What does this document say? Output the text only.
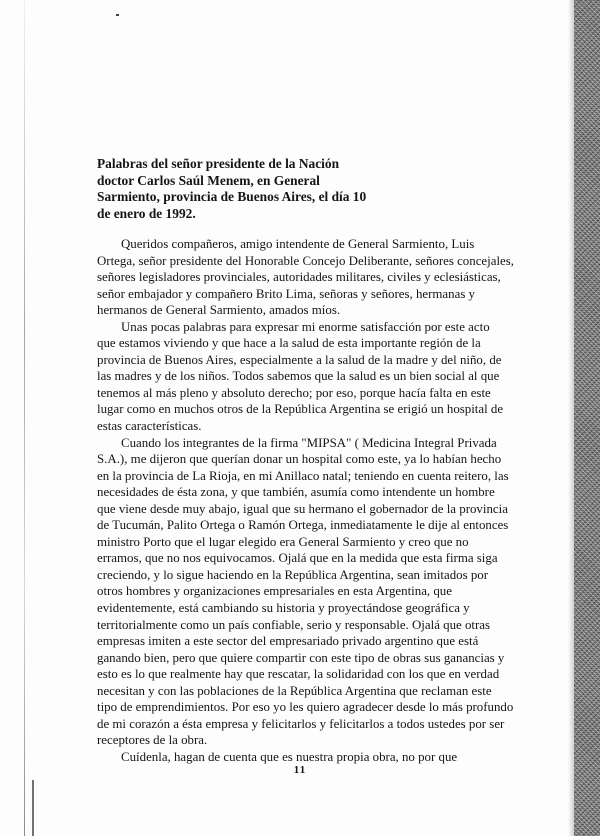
Palabras del señor presidente de la Nación
doctor Carlos Saúl Menem, en General
Sarmiento, provincia de Buenos Aires, el día 10
de enero de 1992.
Queridos compañeros, amigo intendente de General Sarmiento, Luis
Ortega, señor presidente del Honorable Concejo Deliberante, señores concejales,
señores legisladores provinciales, autoridades militares, civiles y eclesiásticas,
señor embajador y compañero Brito Lima, señoras y señores, hermanas y
hermanos de General Sarmiento, amados míos.
Unas pocas palabras para expresar mi enorme satisfacción por este acto
que estamos viviendo y que hace a la salud de esta importante región de la
provincia de Buenos Aires, especialmente a la salud de la madre y del niño, de
las madres y de los niños. Todos sabemos que la salud es un bien social al que
tenemos al más pleno y absoluto derecho; por eso, porque hacía falta en este
lugar como en muchos otros de la República Argentina se erigió un hospital de
estas características.
Cuando los integrantes de la firma "MIPSA" ( Medicina Integral Privada
S.A.), me dijeron que querían donar un hospital como este, ya lo habían hecho
en la provincia de La Rioja, en mi Anillaco natal; teniendo en cuenta reitero, las
necesidades de ésta zona, y que también, asumía como intendente un hombre
que viene desde muy abajo, igual que su hermano el gobernador de la provincia
de Tucumán, Palito Ortega o Ramón Ortega, inmediatamente le dije al entonces
ministro Porto que el lugar elegido era General Sarmiento y creo que no
erramos, que no nos equivocamos. Ojalá que en la medida que esta firma siga
creciendo, y lo sigue haciendo en la República Argentina, sean imitados por
otros hombres y organizaciones empresariales en esta Argentina, que
evidentemente, está cambiando su historia y proyectándose geográfica y
territorialmente como un país confiable, serio y responsable. Ojalá que otras
empresas imiten a este sector del empresariado privado argentino que está
ganando bien, pero que quiere compartir con este tipo de obras sus ganancias y
esto es lo que realmente hay que rescatar, la solidaridad con los que en verdad
necesitan y con las poblaciones de la República Argentina que reclaman este
tipo de emprendimientos. Por eso yo les quiero agradecer desde lo más profundo
de mi corazón a ésta empresa y felicitarlos y felicitarlos a todos ustedes por ser
receptores de la obra.
Cuídenla, hagan de cuenta que es nuestra propia obra, no por que
11
